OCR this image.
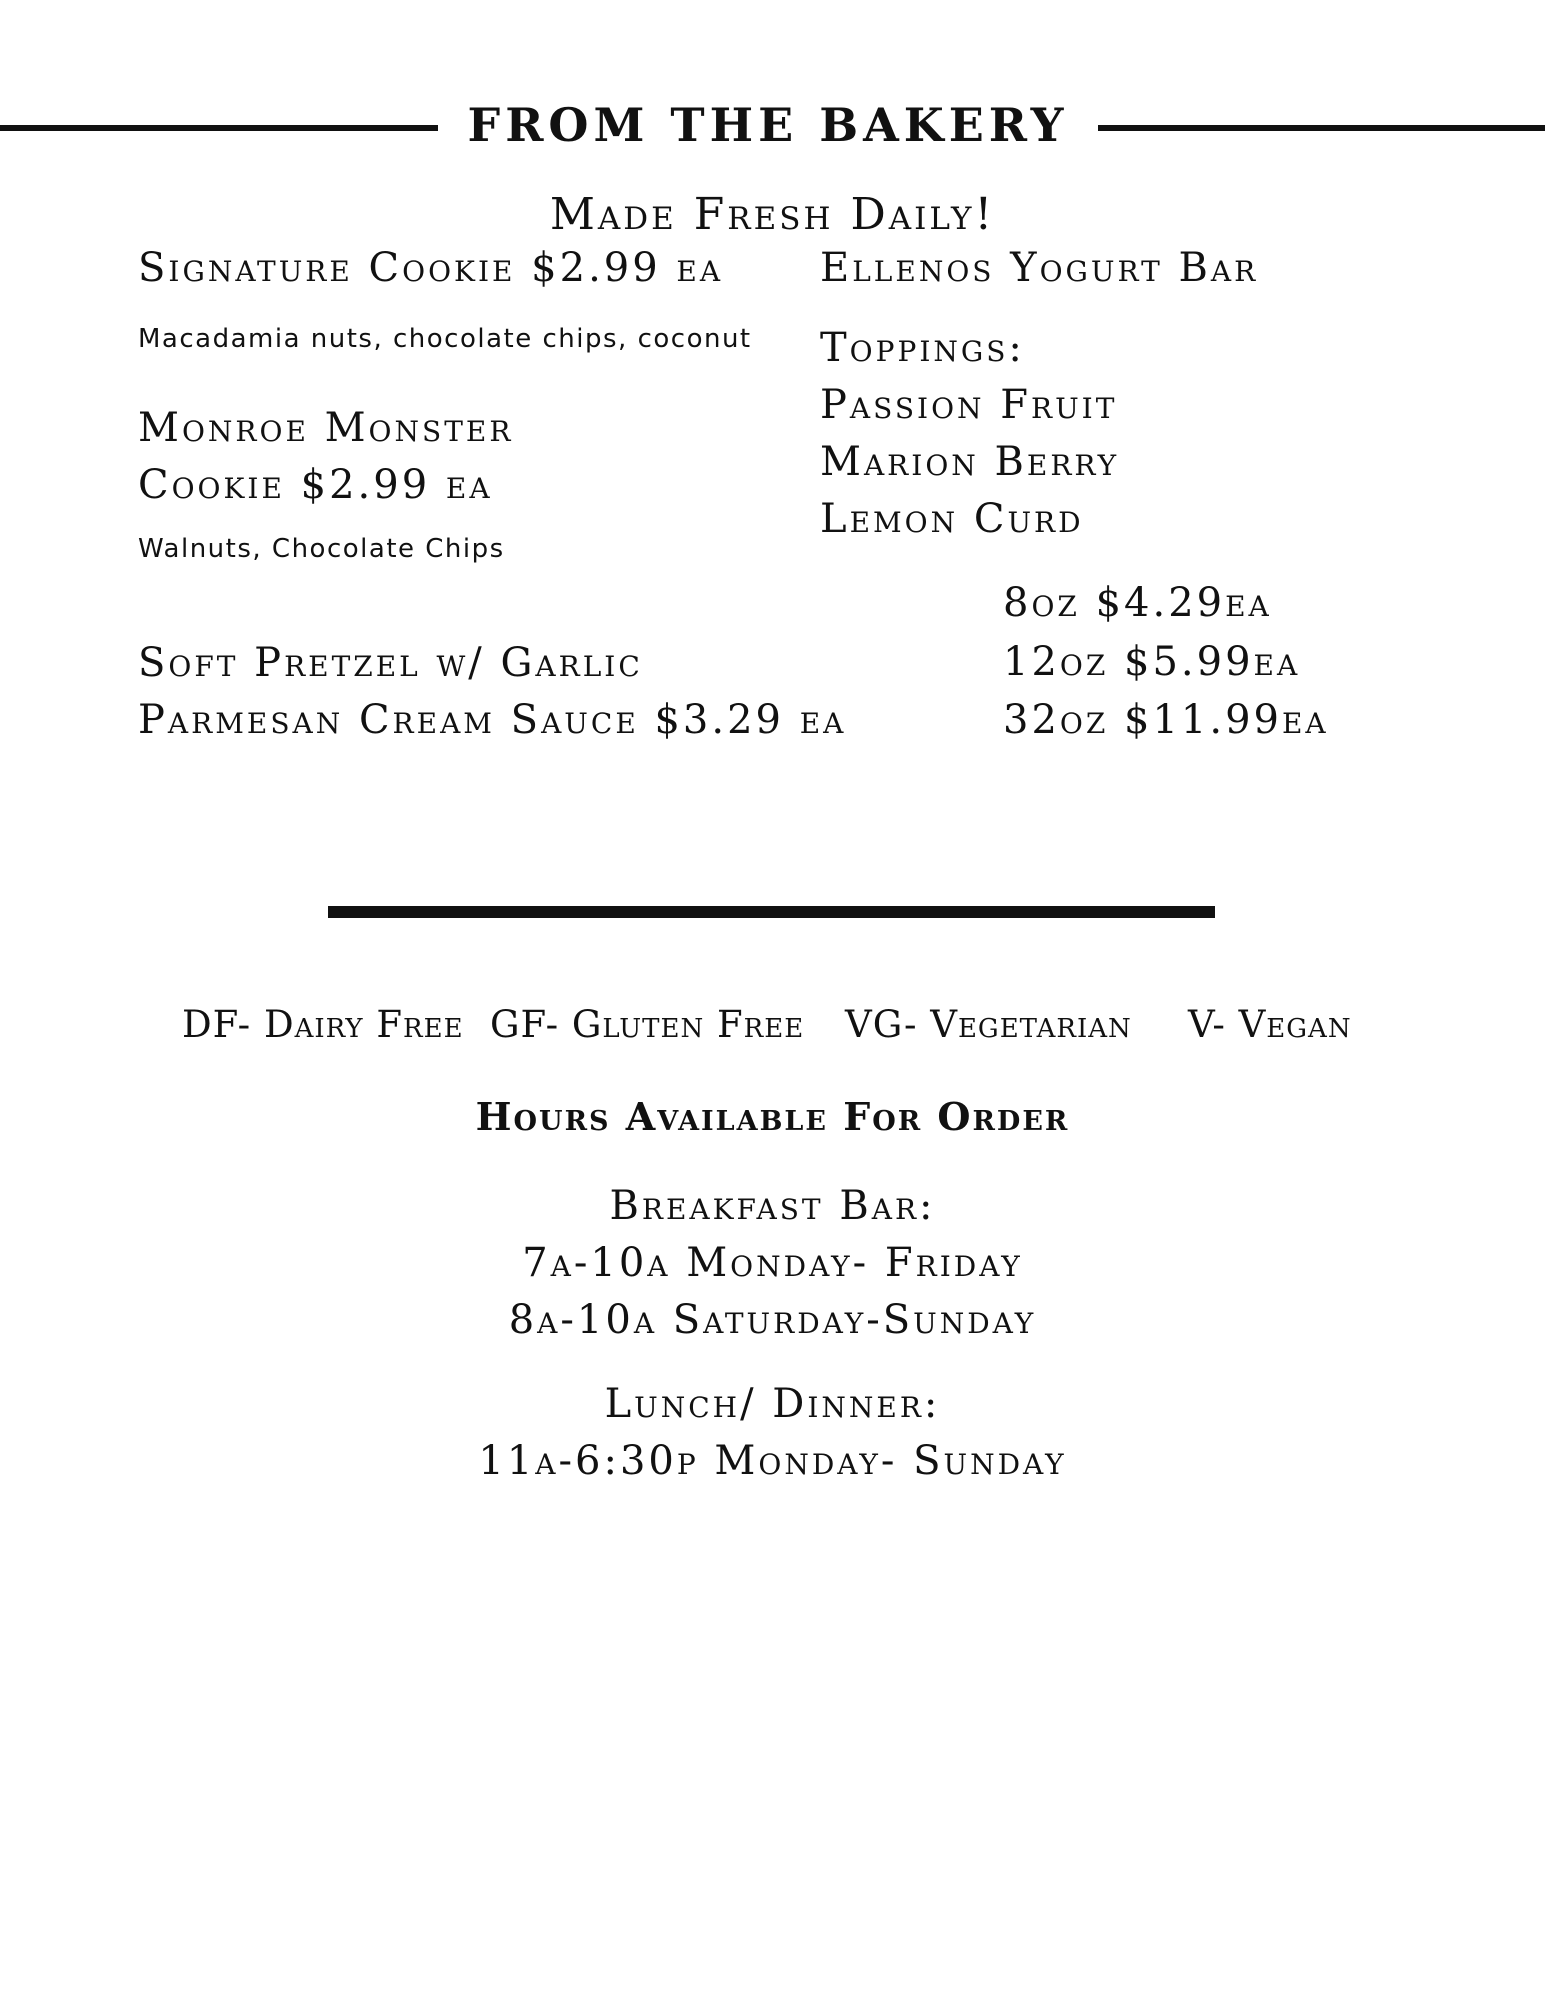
FROM THE BAKERY
Made Fresh Daily!
Signature Cookie $2.99 ea
Macadamia nuts, chocolate chips, coconut
Monroe Monster
Cookie $2.99 ea
Walnuts, Chocolate Chips
Soft Pretzel w/ Garlic
Parmesan Cream Sauce $3.29 ea
Ellenos Yogurt Bar
Toppings:
Passion Fruit
Marion Berry
Lemon Curd
8oz $4.29ea
12oz $5.99ea
32oz $11.99ea
DF- Dairy Free GF- Gluten Free VG- Vegetarian V- Vegan
Hours Available For Order
Breakfast Bar:
7a-10a Monday- Friday
8a-10a Saturday-Sunday
Lunch/ Dinner:
11a-6:30p Monday- Sunday
